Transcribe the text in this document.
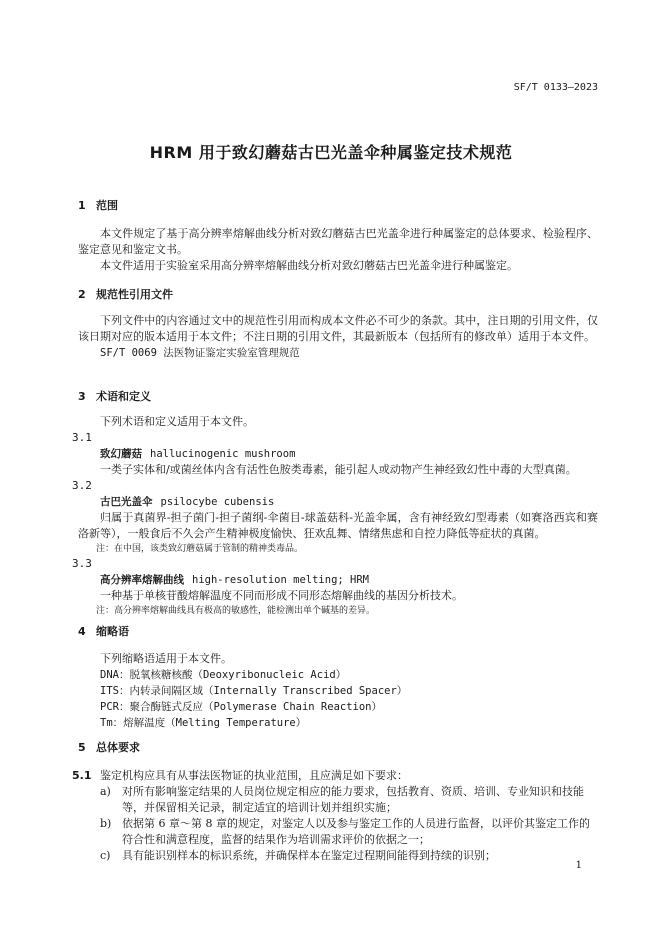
SF/T 0133—2023
HRM 用于致幻蘑菇古巴光盖伞种属鉴定技术规范
1 范围
本文件规定了基于高分辨率熔解曲线分析对致幻蘑菇古巴光盖伞进行种属鉴定的总体要求、检验程序、鉴定意见和鉴定文书。
本文件适用于实验室采用高分辨率熔解曲线分析对致幻蘑菇古巴光盖伞进行种属鉴定。
2 规范性引用文件
下列文件中的内容通过文中的规范性引用而构成本文件必不可少的条款。其中，注日期的引用文件，仅该日期对应的版本适用于本文件；不注日期的引用文件，其最新版本（包括所有的修改单）适用于本文件。
SF/T 0069 法医物证鉴定实验室管理规范
3 术语和定义
下列术语和定义适用于本文件。
3.1
致幻蘑菇 hallucinogenic mushroom
一类子实体和/或菌丝体内含有活性色胺类毒素，能引起人或动物产生神经致幻性中毒的大型真菌。
3.2
古巴光盖伞 psilocybe cubensis
归属于真菌界-担子菌门-担子菌纲-伞菌目-球盖菇科-光盖伞属，含有神经致幻型毒素（如赛洛西宾和赛洛新等），一般食后不久会产生精神极度愉快、狂欢乱舞、情绪焦虑和自控力降低等症状的真菌。
注：在中国，该类致幻蘑菇属于管制的精神类毒品。
3.3
高分辨率熔解曲线 high-resolution melting; HRM
一种基于单核苷酸熔解温度不同而形成不同形态熔解曲线的基因分析技术。
注：高分辨率熔解曲线具有极高的敏感性，能检测出单个碱基的差异。
4 缩略语
下列缩略语适用于本文件。
DNA：脱氧核糖核酸（Deoxyribonucleic Acid）
ITS：内转录间隔区域（Internally Transcribed Spacer）
PCR：聚合酶链式反应（Polymerase Chain Reaction）
Tm：熔解温度（Melting Temperature）
5 总体要求
5.1 鉴定机构应具有从事法医物证的执业范围，且应满足如下要求：
a)	对所有影响鉴定结果的人员岗位规定相应的能力要求，包括教育、资质、培训、专业知识和技能等，并保留相关记录，制定适宜的培训计划并组织实施；
b) 依据第 6 章～第 8 章的规定，对鉴定人以及参与鉴定工作的人员进行监督，以评价其鉴定工作的符合性和满意程度，监督的结果作为培训需求评价的依据之一；
c)	具有能识别样本的标识系统，并确保样本在鉴定过程期间能得到持续的识别；
1
